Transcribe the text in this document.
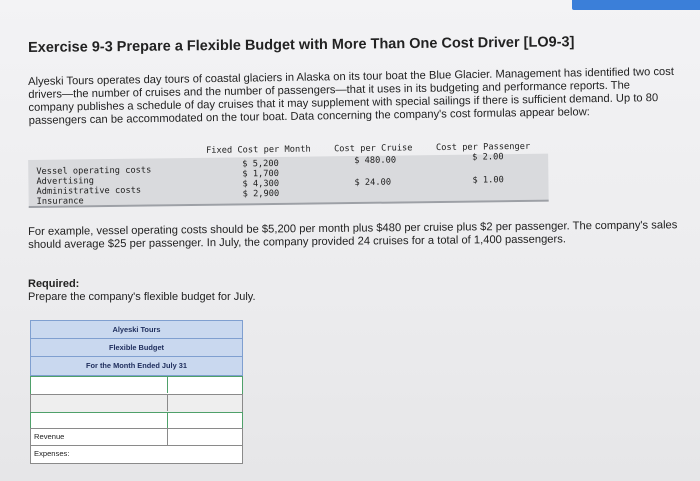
Exercise 9-3 Prepare a Flexible Budget with More Than One Cost Driver [LO9-3]
Alyeski Tours operates day tours of coastal glaciers in Alaska on its tour boat the Blue Glacier. Management has identified two cost drivers—the number of cruises and the number of passengers—that it uses in its budgeting and performance reports. The company publishes a schedule of day cruises that it may supplement with special sailings if there is sufficient demand. Up to 80 passengers can be accommodated on the tour boat. Data concerning the company's cost formulas appear below:
Fixed Cost per Month	Cost per Cruise	Cost per Passenger
Vessel operating costs
Advertising
Administrative costs
Insurance
$ 5,200
$ 1,700
$ 4,300
$ 2,900
$ 480.00
$ 24.00
$ 2.00
$ 1.00
For example, vessel operating costs should be $5,200 per month plus $480 per cruise plus $2 per passenger. The company's sales should average $25 per passenger. In July, the company provided 24 cruises for a total of 1,400 passengers.
Required:
Prepare the company's flexible budget for July.
Alyeski Tours
Flexible Budget
For the Month Ended July 31
Revenue
Expenses:
